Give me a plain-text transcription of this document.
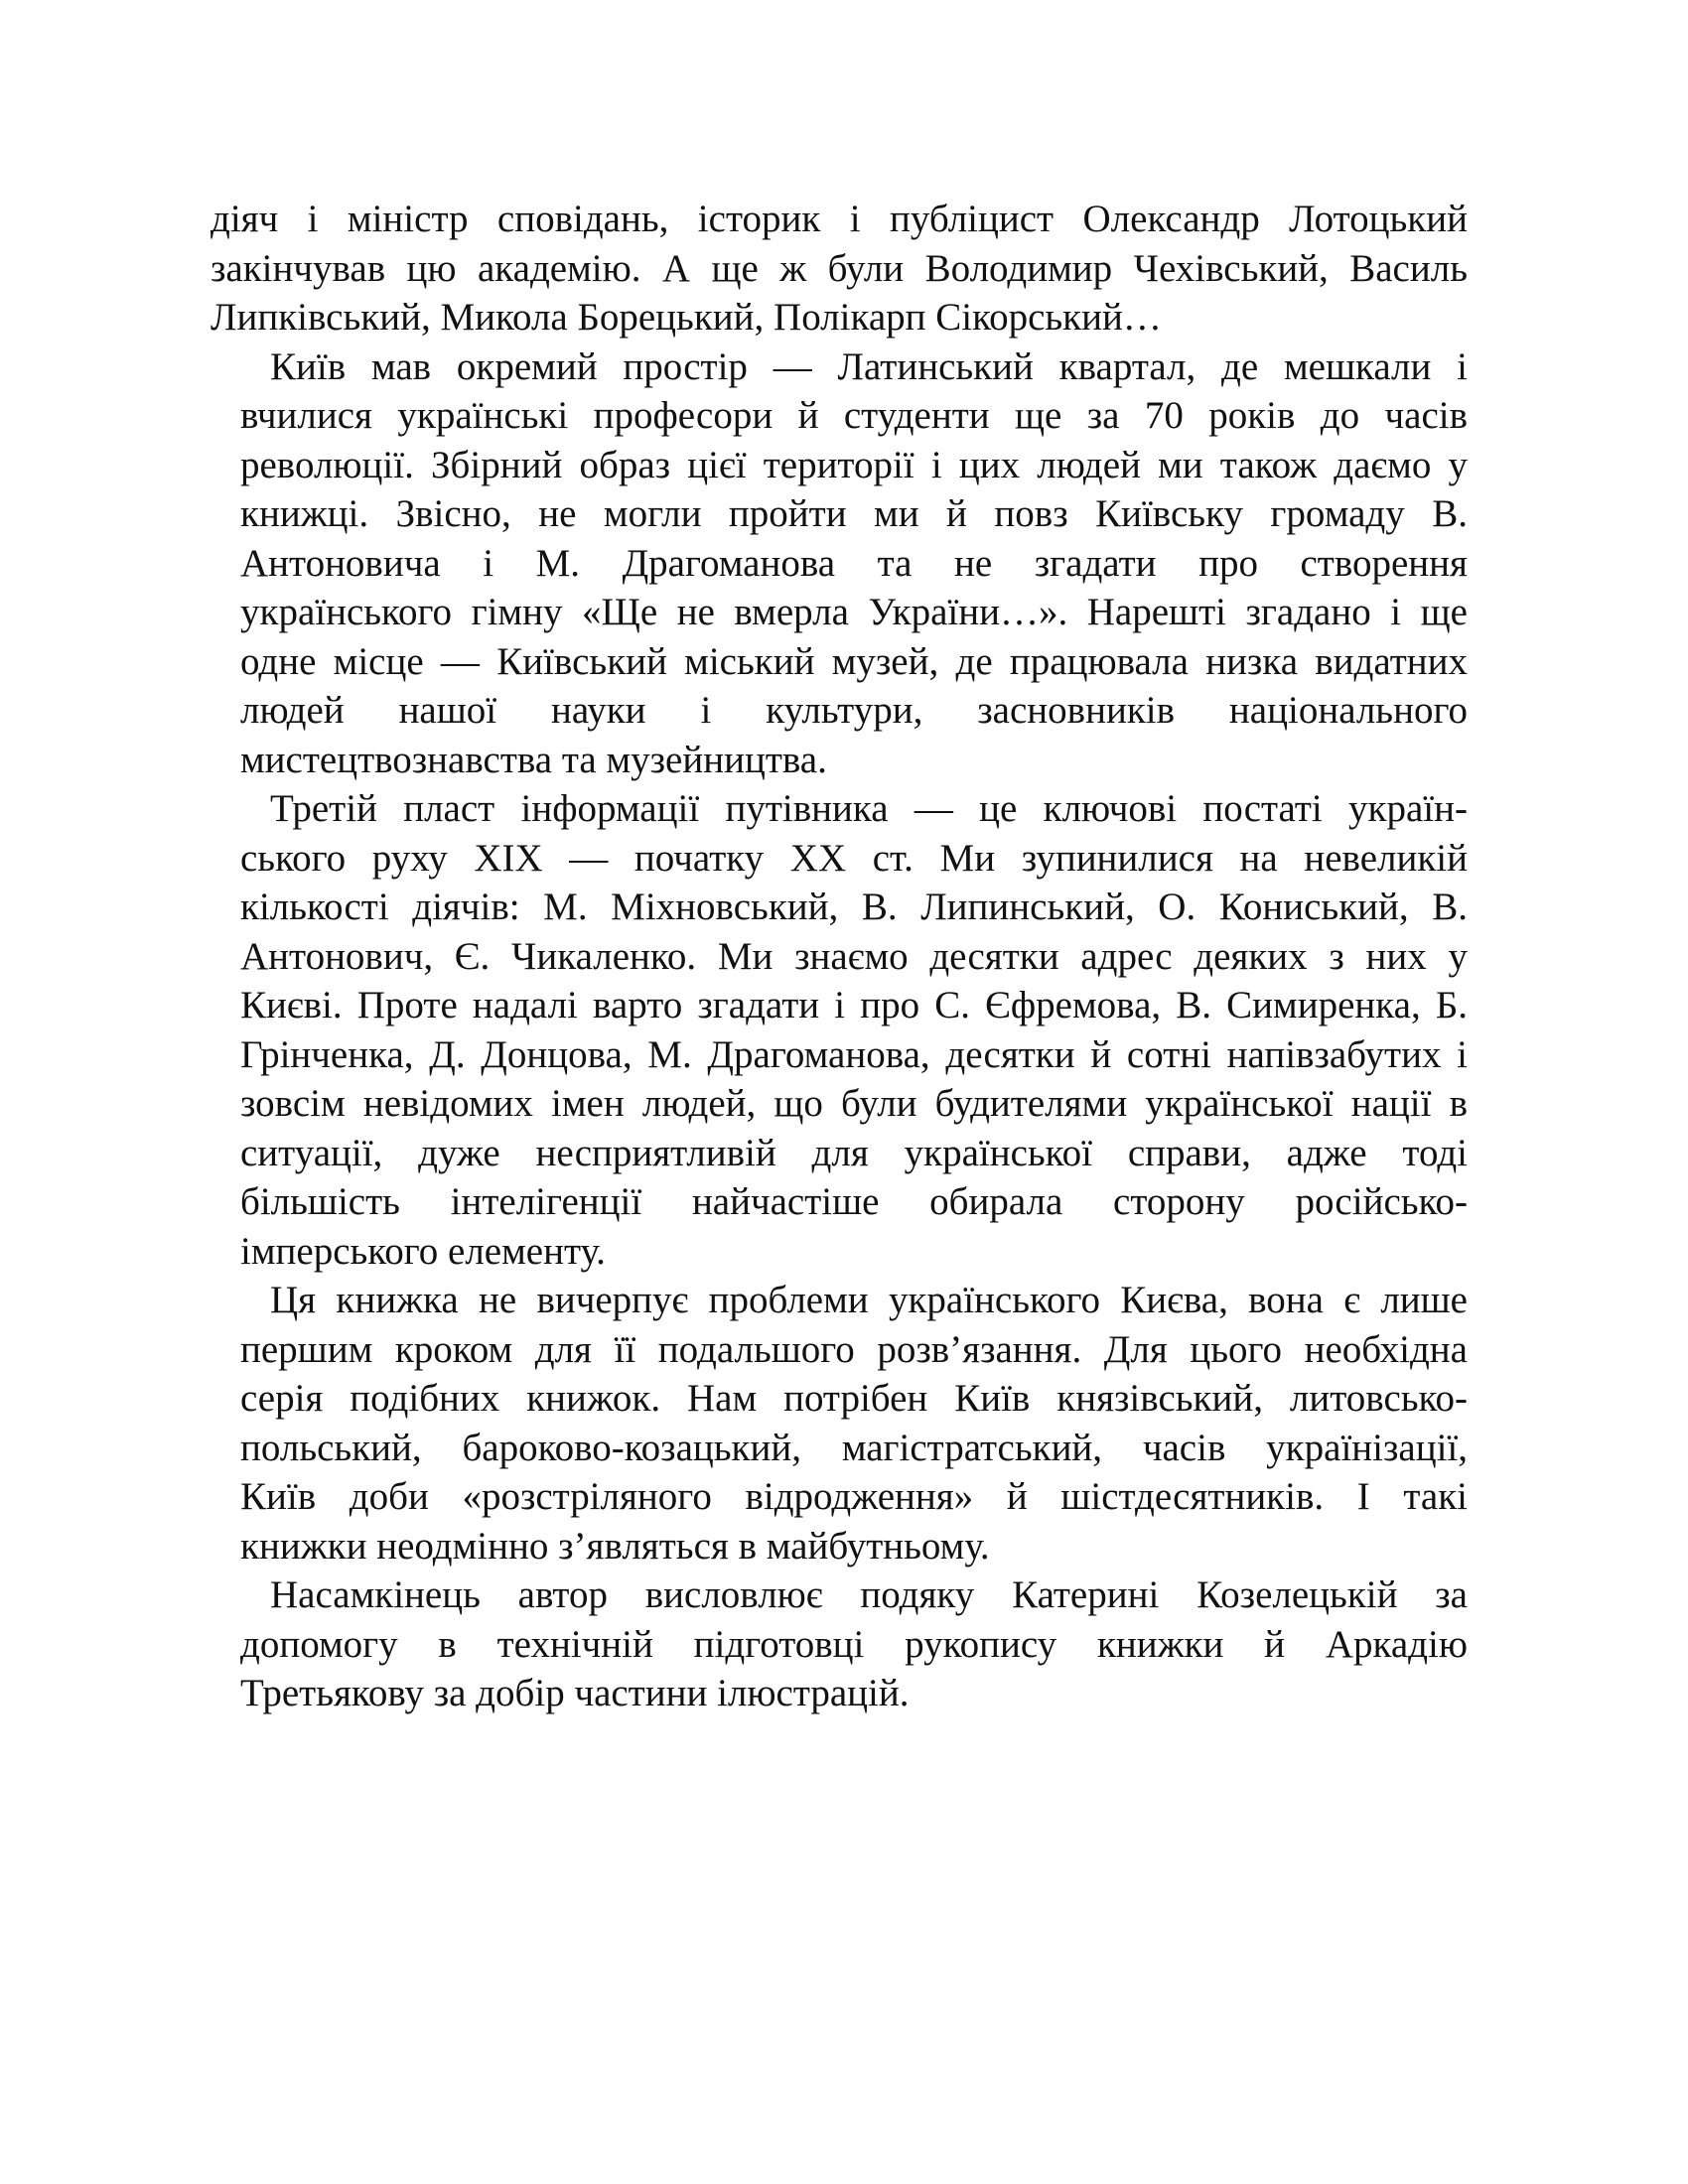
діяч і міністр сповідань, історик і публіцист Олександр Лотоцький
закінчував цю академію. А ще ж були Володимир Чехівський, Василь
Липківський, Микола Борецький, Полікарп Сікорський…

Київ мав окремий простір — Латинський квартал, де мешкали і
вчилися українські професори й студенти ще за 70 років до часів
революції. Збірний образ цієї території і цих людей ми також даємо у
книжці. Звісно, не могли пройти ми й повз Київську громаду В.
Антоновича і М. Драгоманова та не згадати про створення
українського гімну «Ще не вмерла України…». Нарешті згадано і ще
одне місце — Київський міський музей, де працювала низка видатних
людей нашої науки і культури, засновників національного
мистецтвознавства та музейництва.

Третій пласт інформації путівника — це ключові постаті україн-
ського руху XIX — початку XX ст. Ми зупинилися на невеликій
кількості діячів: М. Міхновський, В. Липинський, О. Кониський, В.
Антонович, Є. Чикаленко. Ми знаємо десятки адрес деяких з них у
Києві. Проте надалі варто згадати і про С. Єфремова, В. Симиренка, Б.
Грінченка, Д. Донцова, М. Драгоманова, десятки й сотні напівзабутих і
зовсім невідомих імен людей, що були будителями української нації в
ситуації, дуже несприятливій для української справи, адже тоді
більшість інтелігенції найчастіше обирала сторону російсько-
імперського елементу.

Ця книжка не вичерпує проблеми українського Києва, вона є лише
першим кроком для її подальшого розв’язання. Для цього необхідна
серія подібних книжок. Нам потрібен Київ князівський, литовсько-
польський, бароково-козацький, магістратський, часів українізації,
Київ доби «розстріляного відродження» й шістдесятників. І такі
книжки неодмінно з’являться в майбутньому.

Насамкінець автор висловлює подяку Катерині Козелецькій за
допомогу в технічній підготовці рукопису книжки й Аркадію
Третьякову за добір частини ілюстрацій.
